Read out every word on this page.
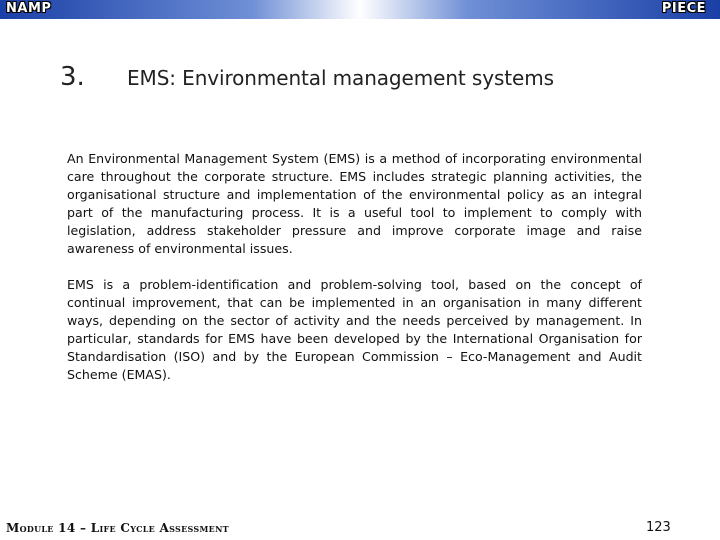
NAMP	PIECE
3. EMS: Environmental management systems

An Environmental Management System (EMS) is a method of incorporating environmental care throughout the corporate structure. EMS includes strategic planning activities, the organisational structure and implementation of the environmental policy as an integral part of the manufacturing process. It is a useful tool to implement to comply with legislation, address stakeholder pressure and improve corporate image and raise awareness of environmental issues.

EMS is a problem-identification and problem-solving tool, based on the concept of continual improvement, that can be implemented in an organisation in many different ways, depending on the sector of activity and the needs perceived by management. In particular, standards for EMS have been developed by the International Organisation for Standardisation (ISO) and by the European Commission – Eco-Management and Audit Scheme (EMAS).

Module 14 – Life Cycle Assessment	123
